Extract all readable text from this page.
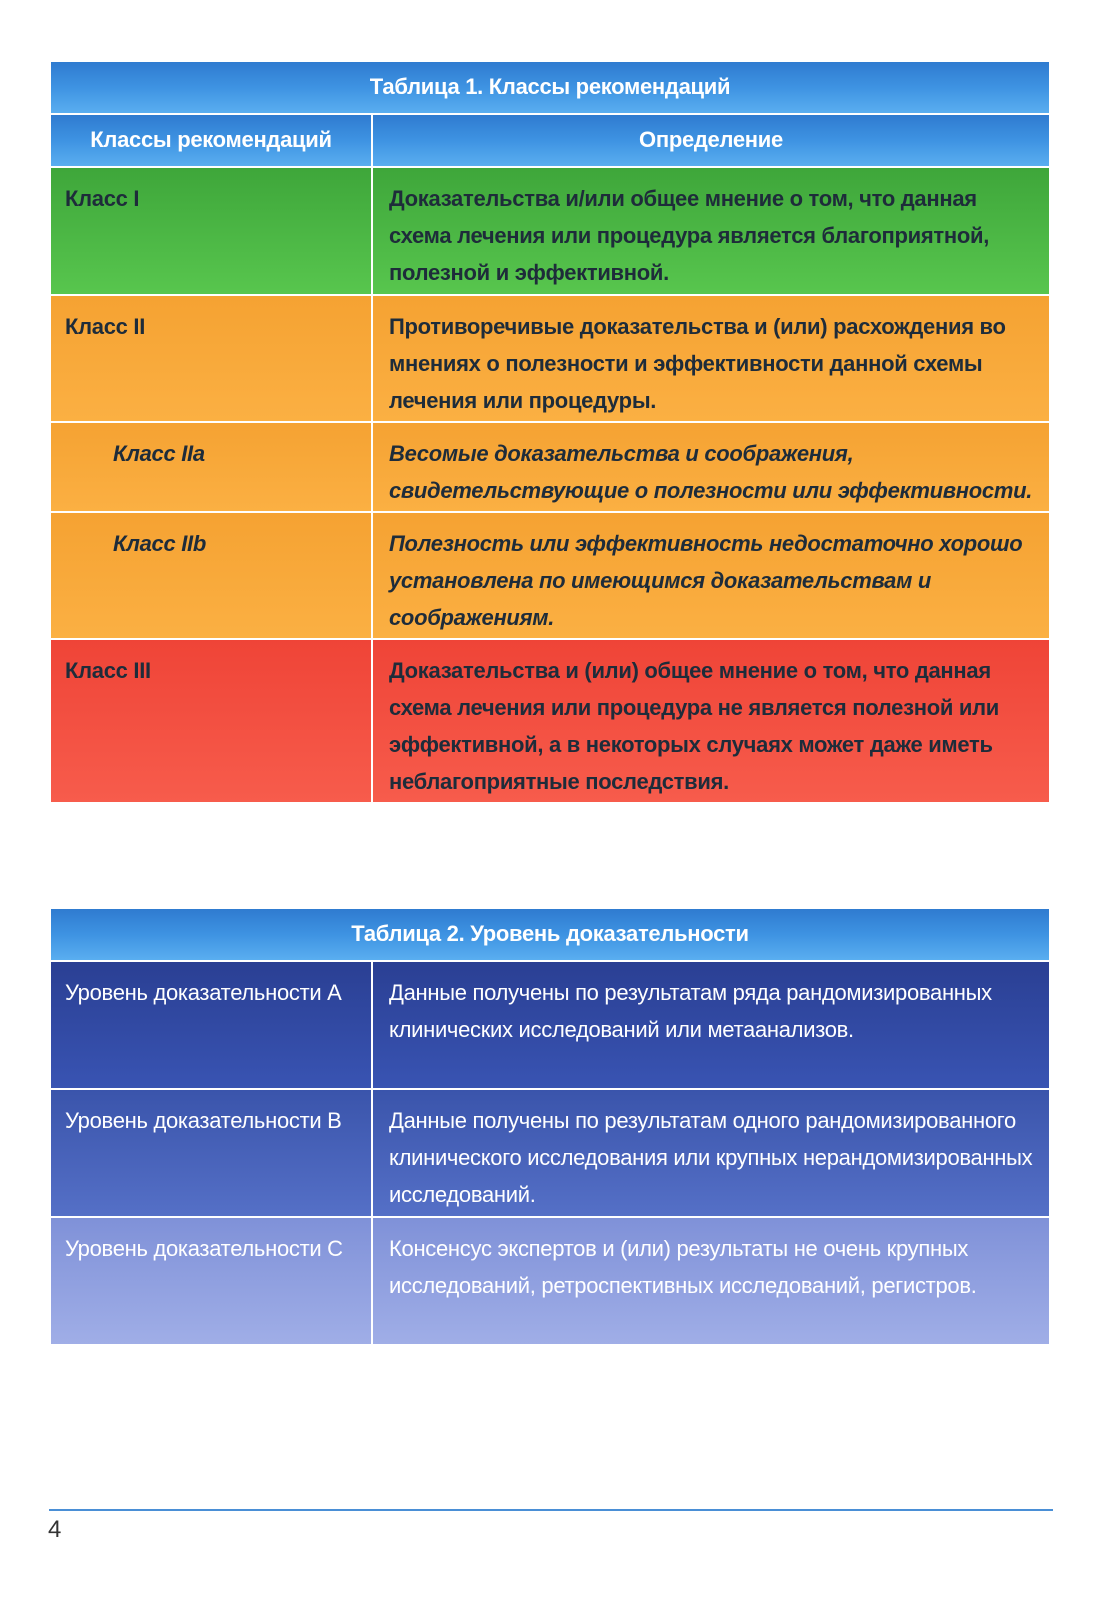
Таблица 1. Классы рекомендаций	
Классы рекомендаций	Определение
Класс I	Доказательства и/или общее мнение о том, что данная схема лечения или процедура является благоприятной, полезной и эффективной.
Класс II	Противоречивые доказательства и (или) расхождения во мнениях о полезности и эффективности данной схемы лечения или процедуры.
Класс IIa	Весомые доказательства и соображения, свидетельствующие о полезности или эффективности.
Класс IIb	Полезность или эффективность недостаточно хорошо установлена по имеющимся доказательствам и соображениям.
Класс III	Доказательства и (или) общее мнение о том, что данная схема лечения или процедура не является полезной или эффективной, а в некоторых случаях может даже иметь неблагоприятные последствия.
Таблица 2. Уровень доказательности	
Уровень доказательности A	Данные получены по результатам ряда рандомизированных клинических исследований или метаанализов.
Уровень доказательности B	Данные получены по результатам одного рандомизированного клинического исследования или крупных нерандомизированных исследований.
Уровень доказательности C	Консенсус экспертов и (или) результаты не очень крупных исследований, ретроспективных исследований, регистров.
4
